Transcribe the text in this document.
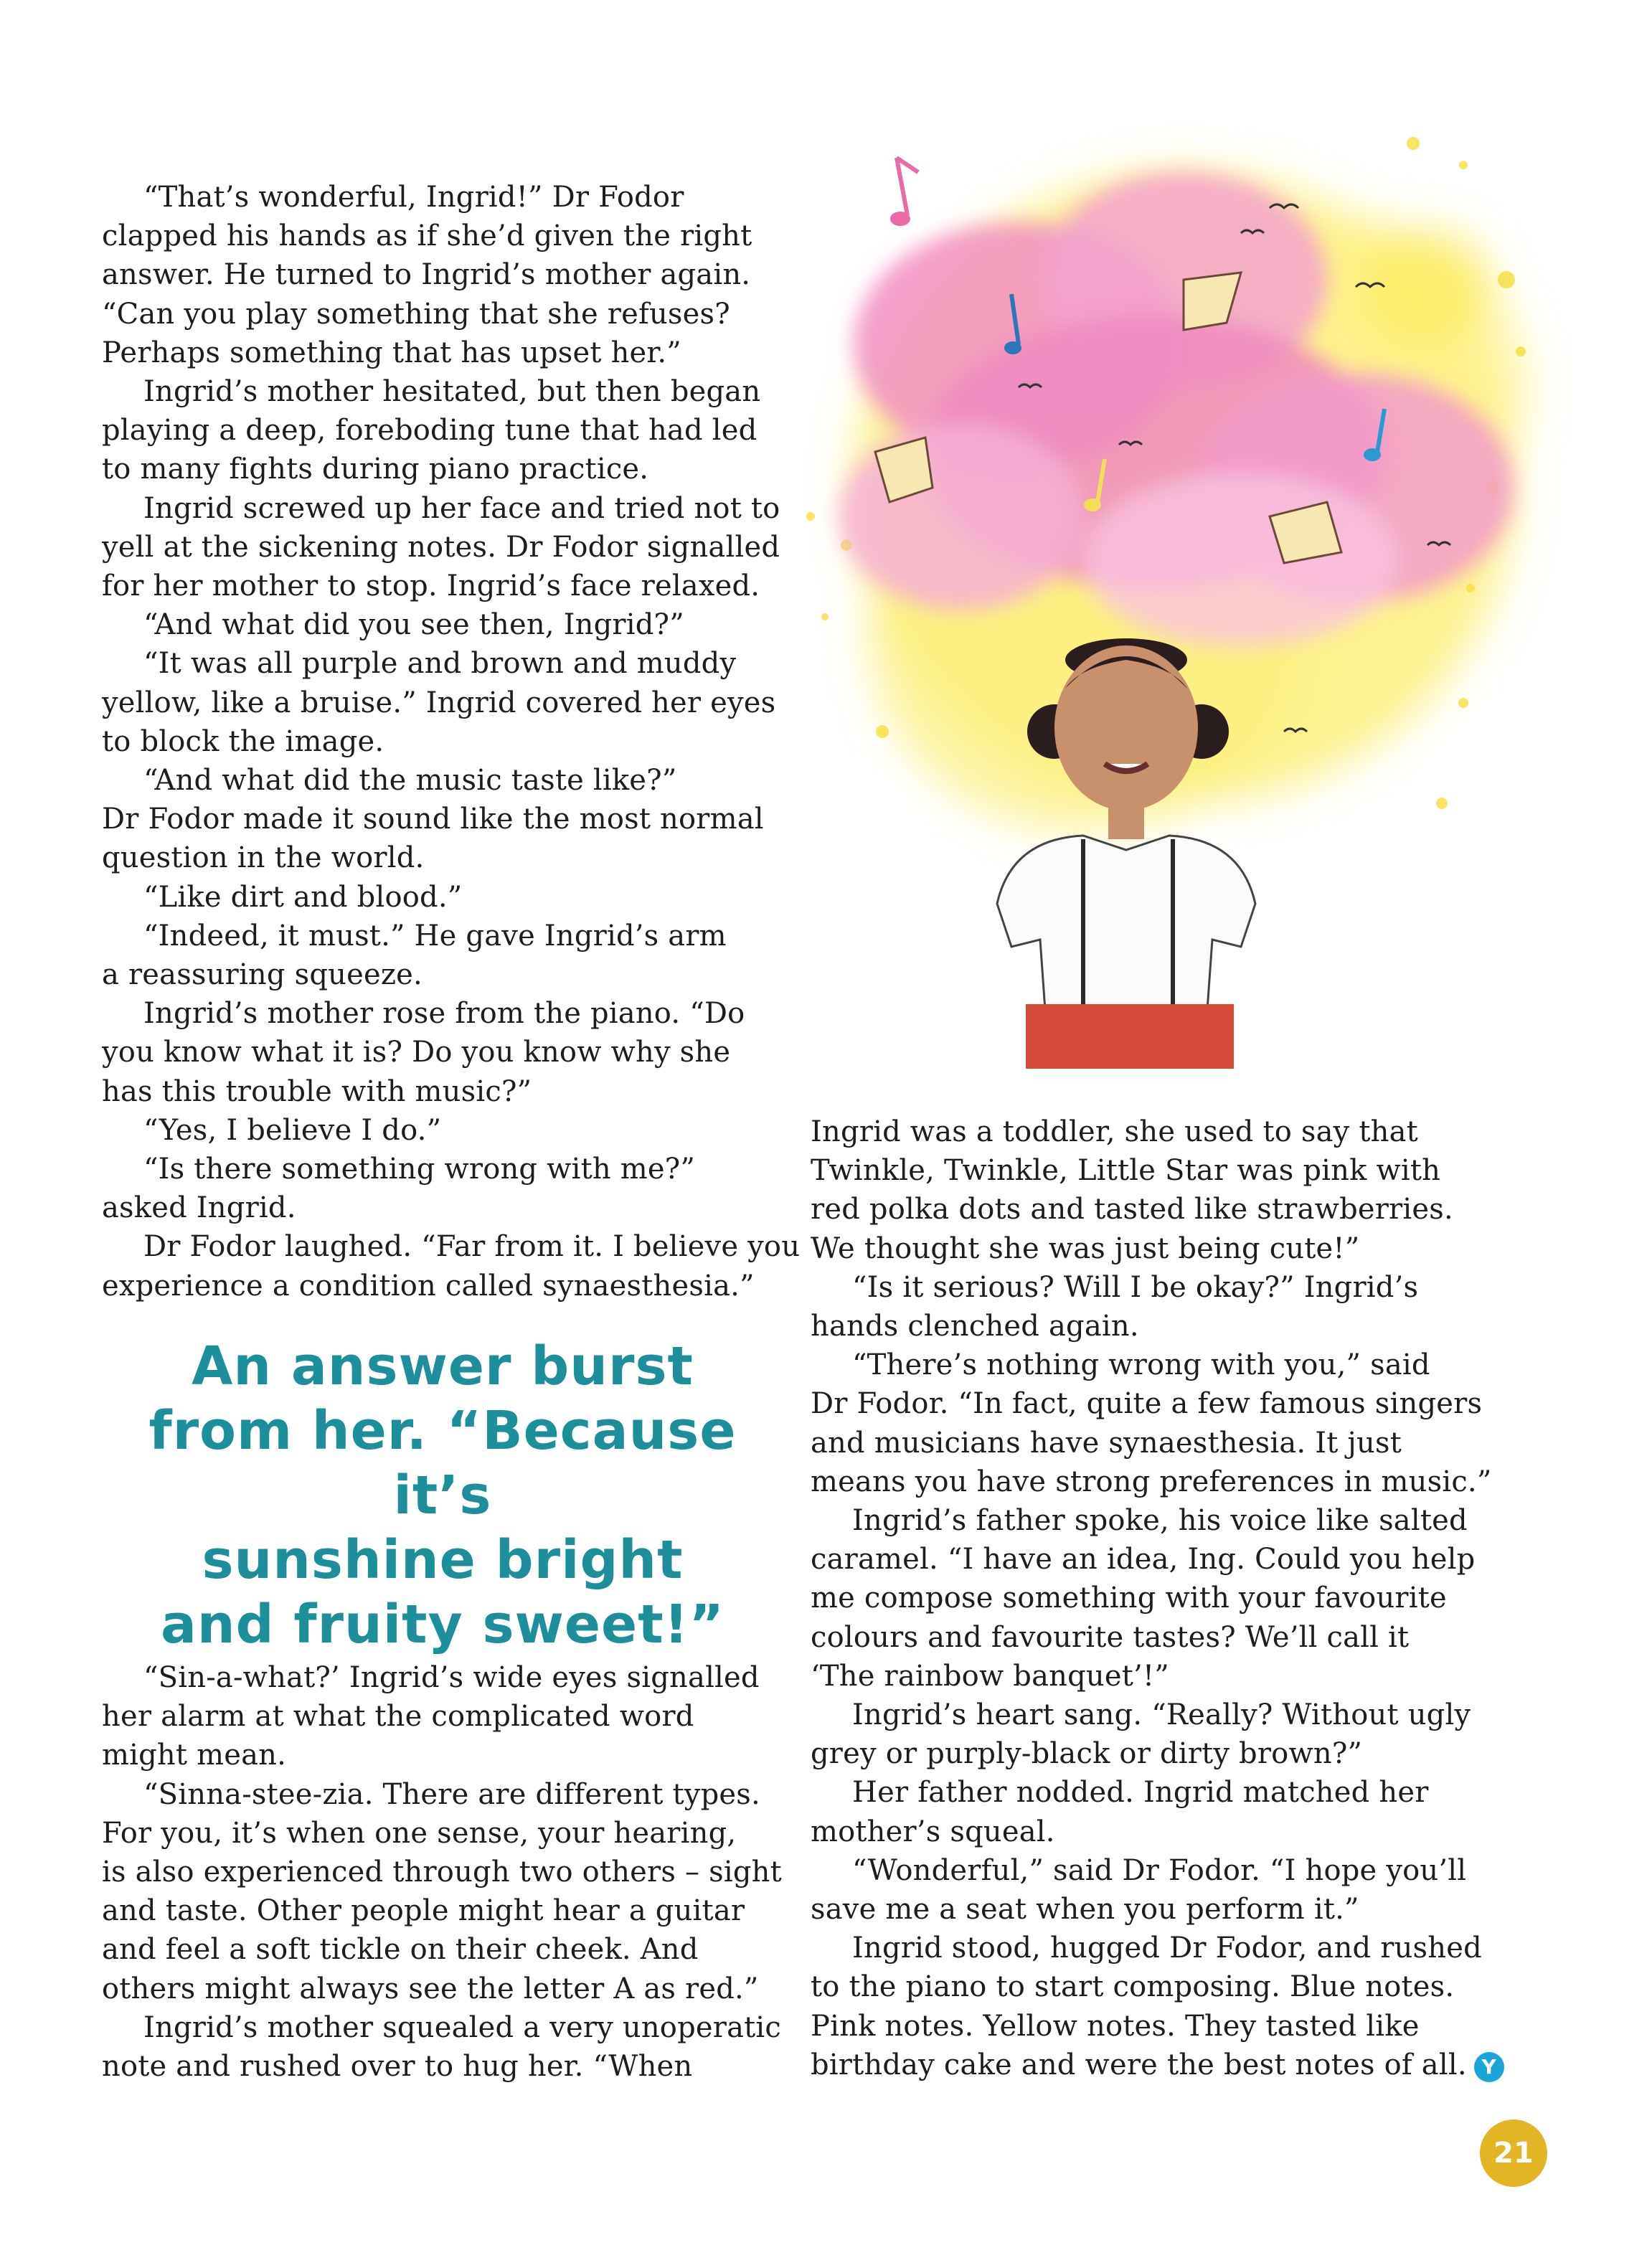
“That’s wonderful, Ingrid!” Dr Fodor
clapped his hands as if she’d given the right
answer. He turned to Ingrid’s mother again.
“Can you play something that she refuses?
Perhaps something that has upset her.”

Ingrid’s mother hesitated, but then began
playing a deep, foreboding tune that had led
to many fights during piano practice.

Ingrid screwed up her face and tried not to
yell at the sickening notes. Dr Fodor signalled
for her mother to stop. Ingrid’s face relaxed.

“And what did you see then, Ingrid?”

“It was all purple and brown and muddy
yellow, like a bruise.” Ingrid covered her eyes
to block the image.

“And what did the music taste like?”
Dr Fodor made it sound like the most normal
question in the world.

“Like dirt and blood.”

“Indeed, it must.” He gave Ingrid’s arm
a reassuring squeeze.

Ingrid’s mother rose from the piano. “Do
you know what it is? Do you know why she
has this trouble with music?”

“Yes, I believe I do.”

“Is there something wrong with me?”
asked Ingrid.

Dr Fodor laughed. “Far from it. I believe you
experience a condition called synaesthesia.”

An answer burst
from her. “Because it’s
sunshine bright
and fruity sweet!”

“Sin-a-what?’ Ingrid’s wide eyes signalled
her alarm at what the complicated word
might mean.

“Sinna-stee-zia. There are different types.
For you, it’s when one sense, your hearing,
is also experienced through two others – sight
and taste. Other people might hear a guitar
and feel a soft tickle on their cheek. And
others might always see the letter A as red.”

Ingrid’s mother squealed a very unoperatic
note and rushed over to hug her. “When

Ingrid was a toddler, she used to say that
Twinkle, Twinkle, Little Star was pink with
red polka dots and tasted like strawberries.
We thought she was just being cute!”

“Is it serious? Will I be okay?” Ingrid’s
hands clenched again.

“There’s nothing wrong with you,” said
Dr Fodor. “In fact, quite a few famous singers
and musicians have synaesthesia. It just
means you have strong preferences in music.”

Ingrid’s father spoke, his voice like salted
caramel. “I have an idea, Ing. Could you help
me compose something with your favourite
colours and favourite tastes? We’ll call it
‘The rainbow banquet’!”

Ingrid’s heart sang. “Really? Without ugly
grey or purply-black or dirty brown?”

Her father nodded. Ingrid matched her
mother’s squeal.

“Wonderful,” said Dr Fodor. “I hope you’ll
save me a seat when you perform it.”

Ingrid stood, hugged Dr Fodor, and rushed
to the piano to start composing. Blue notes.
Pink notes. Yellow notes. They tasted like
birthday cake and were the best notes of all. Y

21
